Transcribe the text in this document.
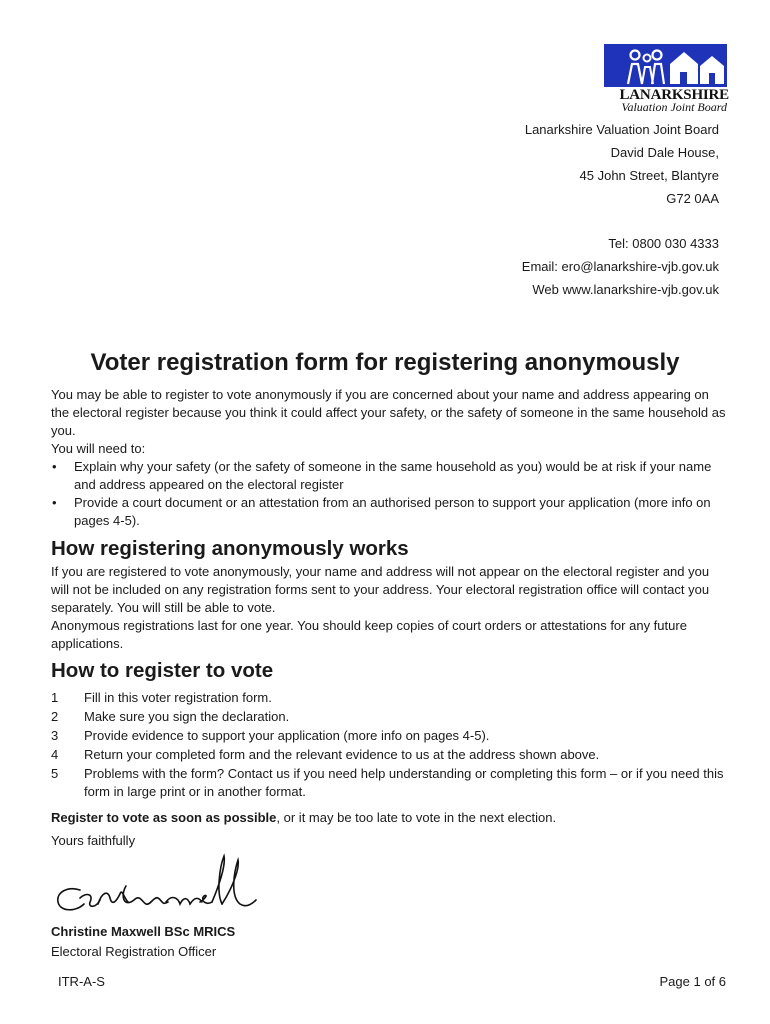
LANARKSHIRE
Valuation Joint Board
Lanarkshire Valuation Joint Board
David Dale House,
45 John Street, Blantyre
G72 0AA
Tel: 0800 030 4333
Email: ero@lanarkshire-vjb.gov.uk
Web www.lanarkshire-vjb.gov.uk
Voter registration form for registering anonymously

You may be able to register to vote anonymously if you are concerned about your name and address appearing on the electoral register because you think it could affect your safety, or the safety of someone in the same household as you.

You will need to:

• Explain why your safety (or the safety of someone in the same household as you) would be at risk if your name and address appeared on the electoral register
• Provide a court document or an attestation from an authorised person to support your application (more info on pages 4-5).
How registering anonymously works

If you are registered to vote anonymously, your name and address will not appear on the electoral register and you will not be included on any registration forms sent to your address. Your electoral registration office will contact you separately. You will still be able to vote.

Anonymous registrations last for one year. You should keep copies of court orders or attestations for any future applications.

How to register to vote
1	Fill in this voter registration form.
2	Make sure you sign the declaration.
3	Provide evidence to support your application (more info on pages 4-5).
4	Return your completed form and the relevant evidence to us at the address shown above.
5	Problems with the form? Contact us if you need help understanding or completing this form – or if you need this form in large print or in another format.

Register to vote as soon as possible, or it may be too late to vote in the next election.

Yours faithfully
Christine Maxwell BSc MRICS
Electoral Registration Officer
ITR-A-S	Page 1 of 6
